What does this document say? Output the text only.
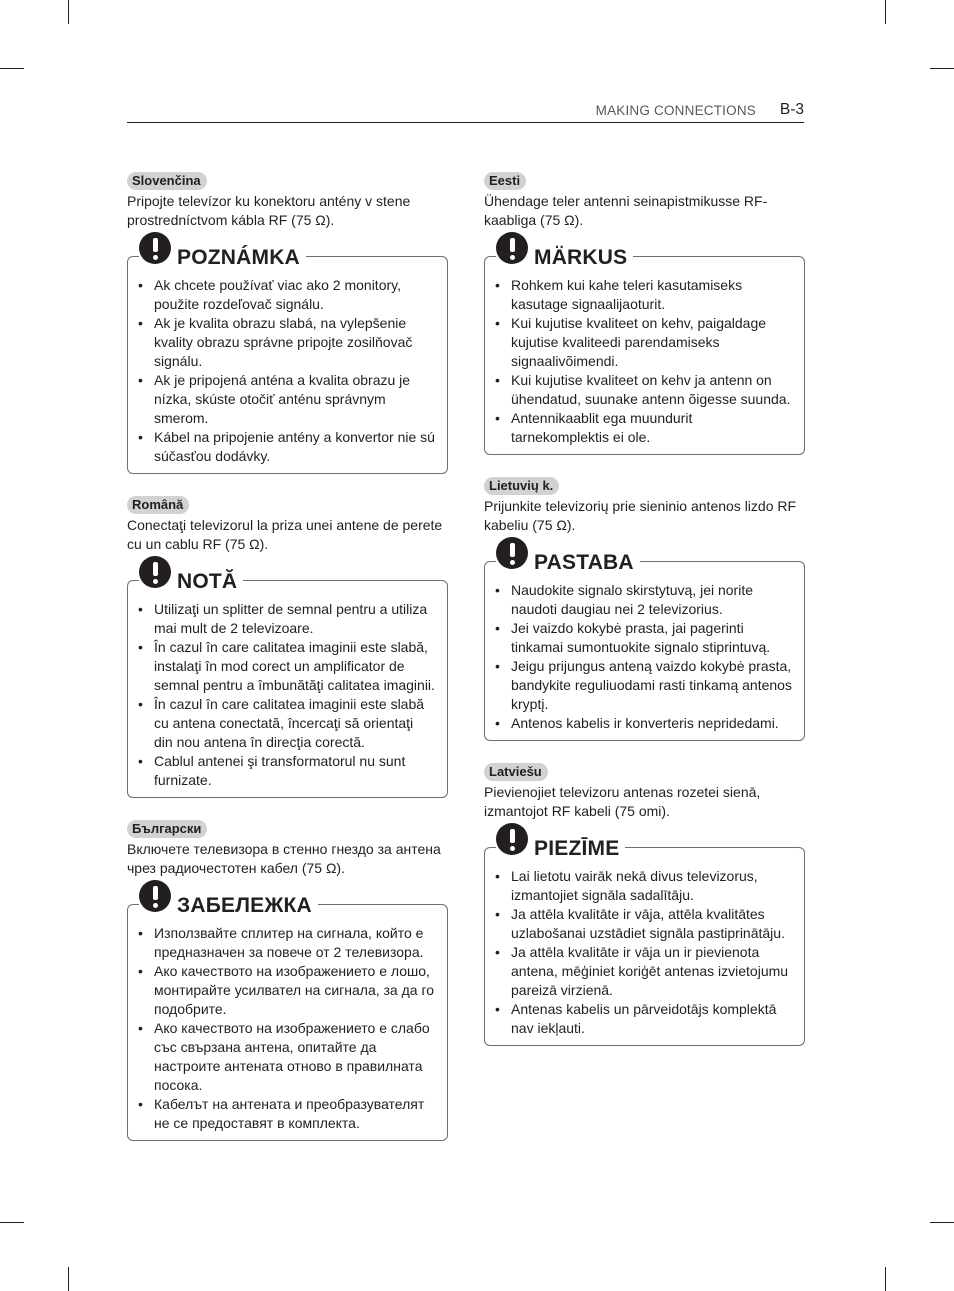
MAKING CONNECTIONS B-3
Slovenčina
Pripojte televízor ku konektoru antény v stene prostredníctvom kábla RF (75 Ω).
POZNÁMKA
• Ak chcete používať viac ako 2 monitory, použite rozdeľovač signálu.
• Ak je kvalita obrazu slabá, na vylepšenie kvality obrazu správne pripojte zosilňovač signálu.
• Ak je pripojená anténa a kvalita obrazu je nízka, skúste otočiť anténu správnym smerom.
• Kábel na pripojenie antény a konvertor nie sú súčasťou dodávky.
Română
Conectaţi televizorul la priza unei antene de perete cu un cablu RF (75 Ω).
NOTĂ
• Utilizaţi un splitter de semnal pentru a utiliza mai mult de 2 televizoare.
• În cazul în care calitatea imaginii este slabă, instalaţi în mod corect un amplificator de semnal pentru a îmbunătăţi calitatea imaginii.
• În cazul în care calitatea imaginii este slabă cu antena conectată, încercaţi să orientaţi din nou antena în direcţia corectă.
• Cablul antenei şi transformatorul nu sunt furnizate.
Български
Включете телевизора в стенно гнездо за антена чрез радиочестотен кабел (75 Ω).
ЗАБЕЛЕЖКА
• Използвайте сплитер на сигнала, който е предназначен за повече от 2 телевизора.
• Ако качеството на изображението е лошо, монтирайте усилвател на сигнала, за да го подобрите.
• Ако качеството на изображението е слабо със свързана антена, опитайте да настроите антената отново в правилната посока.
• Кабелът на антената и преобразувателят не се предоставят в комплекта.
Eesti
Ühendage teler antenni seinapistmikusse RF-kaabliga (75 Ω).
MÄRKUS
• Rohkem kui kahe teleri kasutamiseks kasutage signaalijaoturit.
• Kui kujutise kvaliteet on kehv, paigaldage kujutise kvaliteedi parendamiseks signaalivõimendi.
• Kui kujutise kvaliteet on kehv ja antenn on ühendatud, suunake antenn õigesse suunda.
• Antennikaablit ega muundurit tarnekomplektis ei ole.
Lietuvių k.
Prijunkite televizorių prie sieninio antenos lizdo RF kabeliu (75 Ω).
PASTABA
• Naudokite signalo skirstytuvą, jei norite naudoti daugiau nei 2 televizorius.
• Jei vaizdo kokybė prasta, jai pagerinti tinkamai sumontuokite signalo stiprintuvą.
• Jeigu prijungus anteną vaizdo kokybė prasta, bandykite reguliuodami rasti tinkamą antenos kryptį.
• Antenos kabelis ir konverteris nepridedami.
Latviešu
Pievienojiet televizoru antenas rozetei sienā, izmantojot RF kabeli (75 omi).
PIEZĪME
• Lai lietotu vairāk nekā divus televizorus, izmantojiet signāla sadalītāju.
• Ja attēla kvalitāte ir vāja, attēla kvalitātes uzlabošanai uzstādiet signāla pastiprinātāju.
• Ja attēla kvalitāte ir vāja un ir pievienota antena, mēģiniet koriģēt antenas izvietojumu pareizā virzienā.
• Antenas kabelis un pārveidotājs komplektā nav iekļauti.
